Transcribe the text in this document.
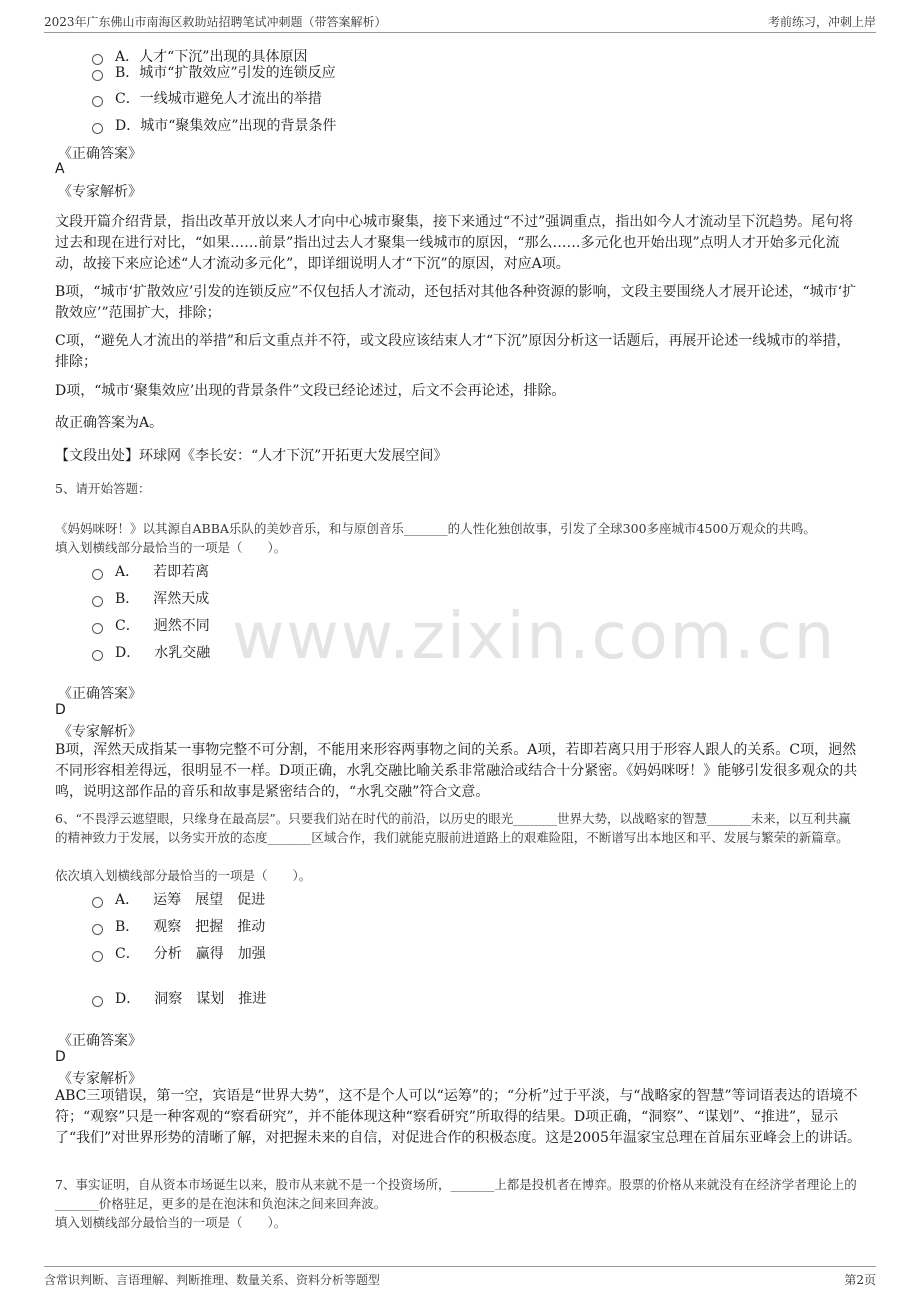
2023年广东佛山市南海区救助站招聘笔试冲刺题（带答案解析）	考前练习，冲刺上岸
www.zixin.com.cn
A． 人才“下沉”出现的具体原因
B． 城市“扩散效应”引发的连锁反应
C． 一线城市避免人才流出的举措
D． 城市“聚集效应”出现的背景条件
《正确答案》
A
《专家解析》
文段开篇介绍背景，指出改革开放以来人才向中心城市聚集，接下来通过“不过”强调重点，指出如今人才流动呈下沉趋势。尾句将过去和现在进行对比，“如果……前景”指出过去人才聚集一线城市的原因，“那么……多元化也开始出现”点明人才开始多元化流动，故接下来应论述“人才流动多元化”，即详细说明人才“下沉”的原因，对应A项。
B项，“城市‘扩散效应’引发的连锁反应”不仅包括人才流动，还包括对其他各种资源的影响，文段主要围绕人才展开论述，“城市‘扩散效应’”范围扩大，排除；
C项，“避免人才流出的举措”和后文重点并不符，或文段应该结束人才“下沉”原因分析这一话题后，再展开论述一线城市的举措，排除；
D项，“城市‘聚集效应’出现的背景条件”文段已经论述过，后文不会再论述，排除。
故正确答案为A。
【文段出处】环球网《李长安：“人才下沉”开拓更大发展空间》
5、请开始答题：
《妈妈咪呀！》以其源自ABBA乐队的美妙音乐，和与原创音乐_______的人性化独创故事，引发了全球300多座城市4500万观众的共鸣。
填入划横线部分最恰当的一项是（　　）。
A． 若即若离
B． 浑然天成
C． 迥然不同
D． 水乳交融
《正确答案》
D
《专家解析》
B项，浑然天成指某一事物完整不可分割，不能用来形容两事物之间的关系。A项，若即若离只用于形容人跟人的关系。C项，迥然不同形容相差得远，很明显不一样。D项正确，水乳交融比喻关系非常融洽或结合十分紧密。《妈妈咪呀！》能够引发很多观众的共鸣，说明这部作品的音乐和故事是紧密结合的，“水乳交融”符合文意。
6、“不畏浮云遮望眼，只缘身在最高层”。只要我们站在时代的前沿，以历史的眼光_______世界大势，以战略家的智慧_______未来，以互利共赢的精神致力于发展，以务实开放的态度_______区域合作，我们就能克服前进道路上的艰难险阻，不断谱写出本地区和平、发展与繁荣的新篇章。
依次填入划横线部分最恰当的一项是（　　）。
A． 运筹 展望 促进
B． 观察 把握 推动
C． 分析 赢得 加强
D． 洞察 谋划 推进
《正确答案》
D
《专家解析》
ABC三项错误，第一空，宾语是“世界大势”，这不是个人可以“运筹”的；“分析”过于平淡，与“战略家的智慧”等词语表达的语境不符；“观察”只是一种客观的“察看研究”，并不能体现这种“察看研究”所取得的结果。D项正确，“洞察”、“谋划”、“推进”，显示了“我们”对世界形势的清晰了解，对把握未来的自信，对促进合作的积极态度。这是2005年温家宝总理在首届东亚峰会上的讲话。
7、事实证明，自从资本市场诞生以来，股市从来就不是一个投资场所，_______上都是投机者在博弈。股票的价格从来就没有在经济学者理论上的_______价格驻足，更多的是在泡沫和负泡沫之间来回奔波。
填入划横线部分最恰当的一项是（　　）。
含常识判断、言语理解、判断推理、数量关系、资料分析等题型	第2页
